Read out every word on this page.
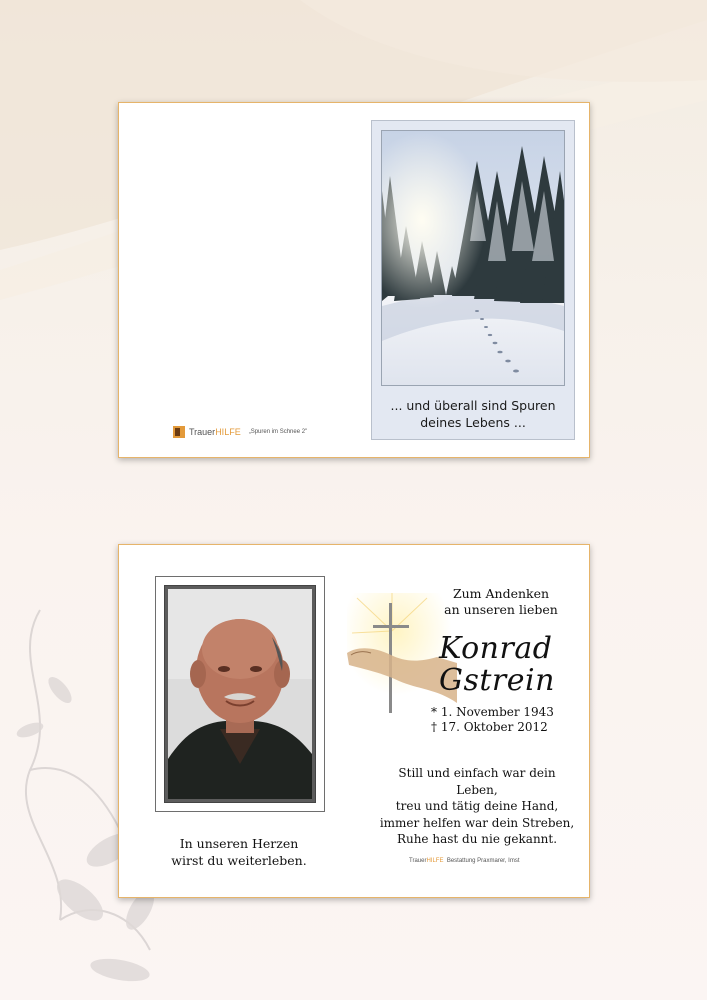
... und überall sind Spuren
deines Lebens ...
TrauerHILFE „Spuren im Schnee 2"
In unseren Herzen
wirst du weiterleben.
Zum Andenken
an unseren lieben
Konrad
Gstrein
* 1. November 1943
† 17. Oktober 2012
Still und einfach war dein Leben,
treu und tätig deine Hand,
immer helfen war dein Streben,
Ruhe hast du nie gekannt.
TrauerHILFE Bestattung Praxmarer, Imst
